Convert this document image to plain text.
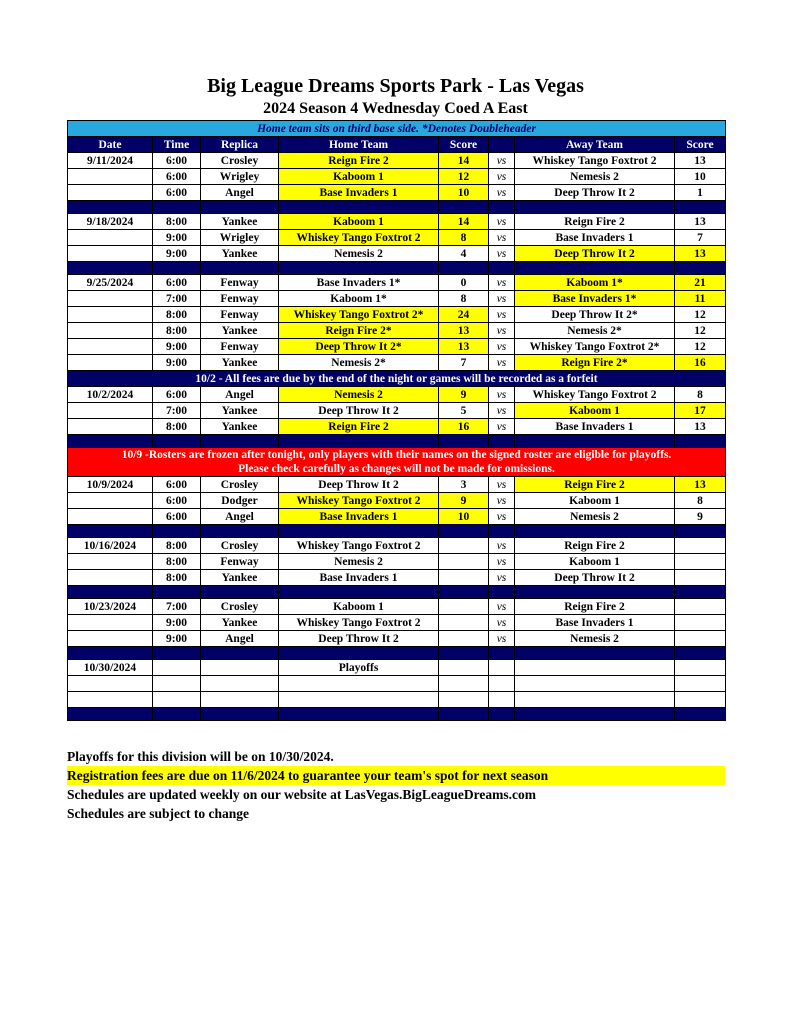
Big League Dreams Sports Park - Las Vegas
2024 Season 4 Wednesday Coed A East
Home team sits on third base side. *Denotes Doubleheader							
Date	Time	Replica	Home Team	Score		Away Team	Score
9/11/2024	6:00	Crosley	Reign Fire 2	14	vs	Whiskey Tango Foxtrot 2	13
	6:00	Wrigley	Kaboom 1	12	vs	Nemesis 2	10
	6:00	Angel	Base Invaders 1	10	vs	Deep Throw It 2	1

9/18/2024	8:00	Yankee	Kaboom 1	14	vs	Reign Fire 2	13
	9:00	Wrigley	Whiskey Tango Foxtrot 2	8	vs	Base Invaders 1	7
	9:00	Yankee	Nemesis 2	4	vs	Deep Throw It 2	13

9/25/2024	6:00	Fenway	Base Invaders 1*	0	vs	Kaboom 1*	21
	7:00	Fenway	Kaboom 1*	8	vs	Base Invaders 1*	11
	8:00	Fenway	Whiskey Tango Foxtrot 2*	24	vs	Deep Throw It 2*	12
	8:00	Yankee	Reign Fire 2*	13	vs	Nemesis 2*	12
	9:00	Fenway	Deep Throw It 2*	13	vs	Whiskey Tango Foxtrot 2*	12
	9:00	Yankee	Nemesis 2*	7	vs	Reign Fire 2*	16
10/2 - All fees are due by the end of the night or games will be recorded as a forfeit							
10/2/2024	6:00	Angel	Nemesis 2	9	vs	Whiskey Tango Foxtrot 2	8
	7:00	Yankee	Deep Throw It 2	5	vs	Kaboom 1	17
	8:00	Yankee	Reign Fire 2	16	vs	Base Invaders 1	13

10/9 -Rosters are frozen after tonight, only players with their names on the signed roster are eligible for playoffs.
Please check carefully as changes will not be made for omissions.							

10/9/2024	6:00	Crosley	Deep Throw It 2	3	vs	Reign Fire 2	13
	6:00	Dodger	Whiskey Tango Foxtrot 2	9	vs	Kaboom 1	8
	6:00	Angel	Base Invaders 1	10	vs	Nemesis 2	9

10/16/2024	8:00	Crosley	Whiskey Tango Foxtrot 2		vs	Reign Fire 2	
	8:00	Fenway	Nemesis 2		vs	Kaboom 1	
	8:00	Yankee	Base Invaders 1		vs	Deep Throw It 2	

10/23/2024	7:00	Crosley	Kaboom 1		vs	Reign Fire 2	
	9:00	Yankee	Whiskey Tango Foxtrot 2		vs	Base Invaders 1	
	9:00	Angel	Deep Throw It 2		vs	Nemesis 2	

10/30/2024			Playoffs				

Playoffs for this division will be on 10/30/2024.
Registration fees are due on 11/6/2024 to guarantee your team's spot for next season
Schedules are updated weekly on our website at LasVegas.BigLeagueDreams.com
Schedules are subject to change
